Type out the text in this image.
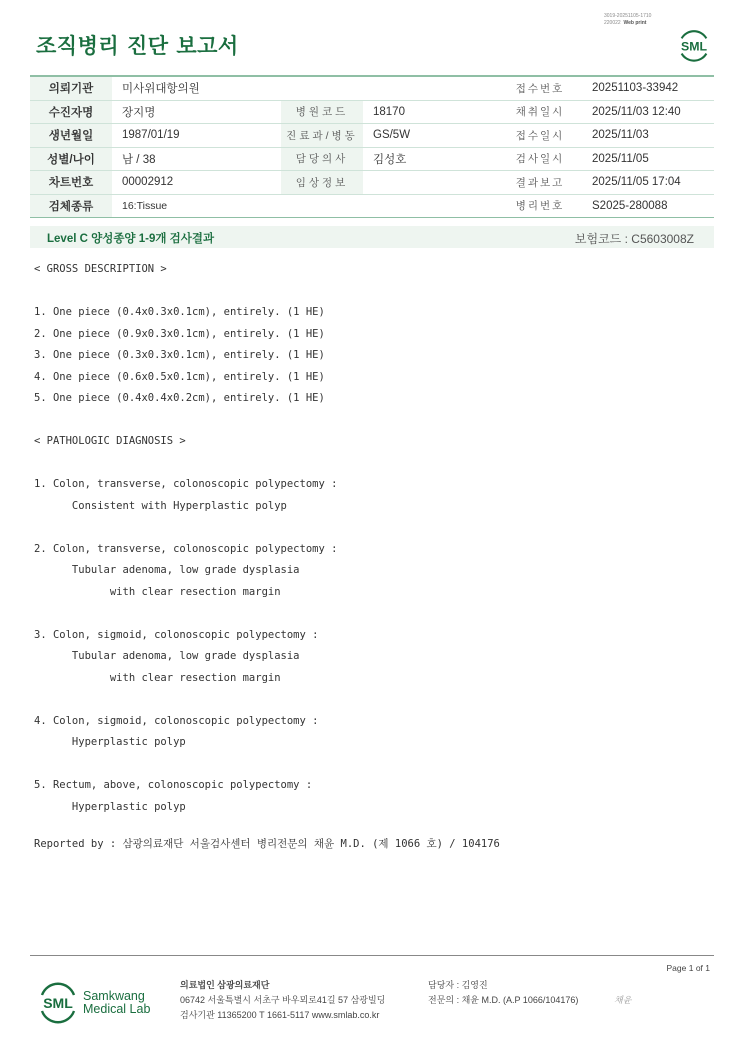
3019-20251105-1710
220022 Web print
조직병리 진단 보고서	SML
의뢰기관	미사위대항의원			접수번호	20251103-33942
수진자명	장지명	병원코드	18170	채취일시	2025/11/03 12:40
생년월일	1987/01/19	진료과/병동	GS/5W	접수일시	2025/11/03
성별/나이	남 / 38	담당의사	김성호	검사일시	2025/11/05
차트번호	00002912	임상정보		결과보고	2025/11/05 17:04
검체종류	16:Tissue			병리번호	S2025-280088
Level C 양성종양 1-9개 검사결과	보험코드 : C5603008Z
< GROSS DESCRIPTION >
1. One piece (0.4x0.3x0.1cm), entirely. (1 HE)
2. One piece (0.9x0.3x0.1cm), entirely. (1 HE)
3. One piece (0.3x0.3x0.1cm), entirely. (1 HE)
4. One piece (0.6x0.5x0.1cm), entirely. (1 HE)
5. One piece (0.4x0.4x0.2cm), entirely. (1 HE)
< PATHOLOGIC DIAGNOSIS >
1. Colon, transverse, colonoscopic polypectomy :
Consistent with Hyperplastic polyp
2. Colon, transverse, colonoscopic polypectomy :
Tubular adenoma, low grade dysplasia
with clear resection margin
3. Colon, sigmoid, colonoscopic polypectomy :
Tubular adenoma, low grade dysplasia
with clear resection margin
4. Colon, sigmoid, colonoscopic polypectomy :
Hyperplastic polyp
5. Rectum, above, colonoscopic polypectomy :
Hyperplastic polyp
Reported by : 삼광의료재단 서울검사센터 병리전문의 채윤 M.D. (제 1066 호) / 104176
Page 1 of 1
SML Samkwang
Medical Lab
의료법인 삼광의료재단
06742 서울특별시 서초구 바우뫼로41길 57 삼광빌딩
검사기관 11365200 T 1661-5117 www.smlab.co.kr
담당자 : 김영진
전문의 : 채윤 M.D. (A.P 1066/104176)	채윤
